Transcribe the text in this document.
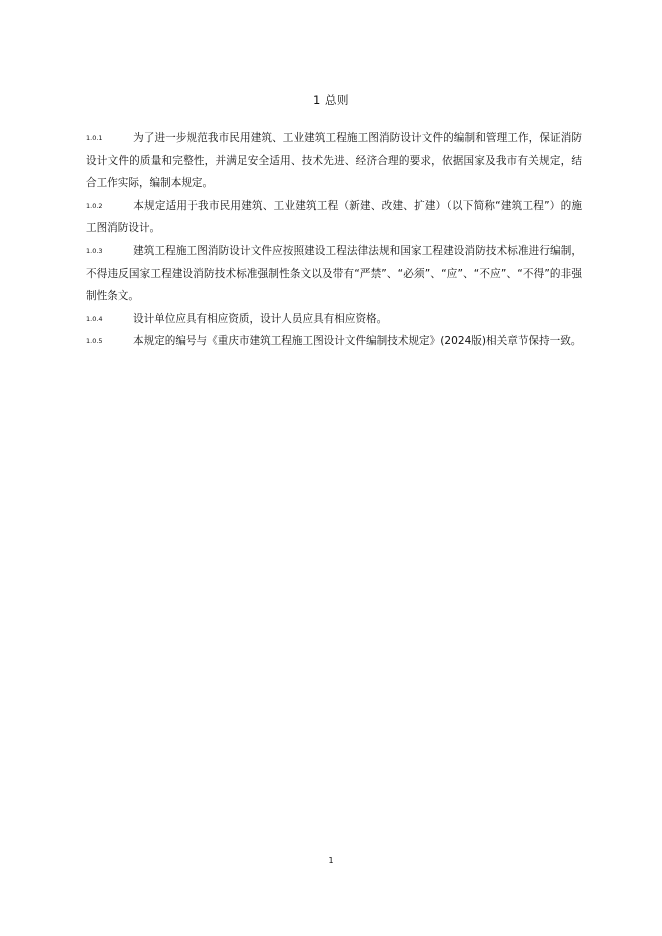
1 总则

1.0.1	为了进一步规范我市民用建筑、工业建筑工程施工图消防设计文件的编制和管理工作，保证消防设计文件的质量和完整性，并满足安全适用、技术先进、经济合理的要求，依据国家及我市有关规定，结合工作实际，编制本规定。

1.0.2	本规定适用于我市民用建筑、工业建筑工程（新建、改建、扩建）（以下简称“建筑工程”）的施工图消防设计。

1.0.3	建筑工程施工图消防设计文件应按照建设工程法律法规和国家工程建设消防技术标准进行编制，不得违反国家工程建设消防技术标准强制性条文以及带有“严禁”、“必须”、“应”、“不应”、“不得”的非强制性条文。

1.0.4	设计单位应具有相应资质，设计人员应具有相应资格。

1.0.5	本规定的编号与《重庆市建筑工程施工图设计文件编制技术规定》(2024版)相关章节保持一致。

1
